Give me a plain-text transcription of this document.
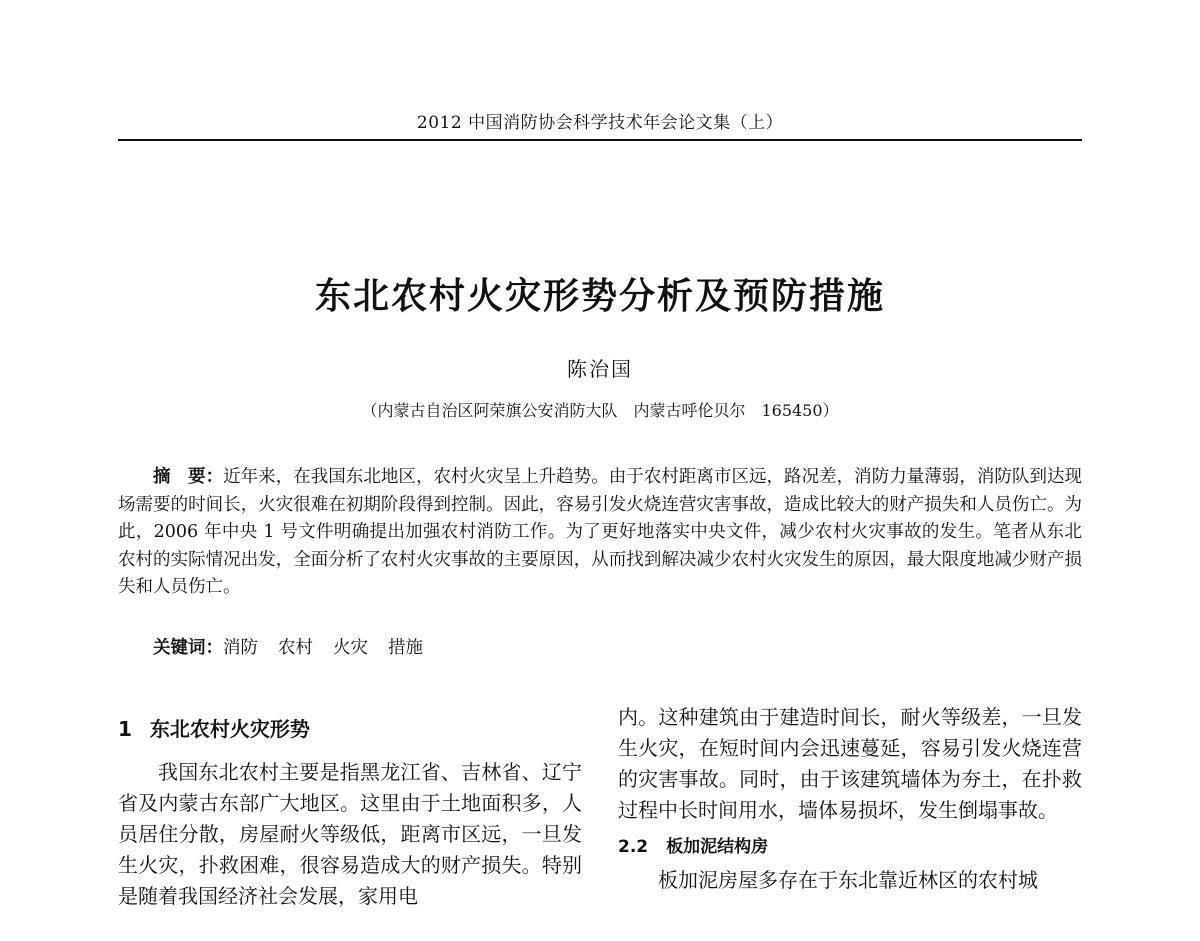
2012 中国消防协会科学技术年会论文集（上）
东北农村火灾形势分析及预防措施
陈治国
（内蒙古自治区阿荣旗公安消防大队　内蒙古呼伦贝尔　165450）
摘　要：近年来，在我国东北地区，农村火灾呈上升趋势。由于农村距离市区远，路况差，消防力量薄弱，消防队到达现场需要的时间长，火灾很难在初期阶段得到控制。因此，容易引发火烧连营灾害事故，造成比较大的财产损失和人员伤亡。为此，2006 年中央 1 号文件明确提出加强农村消防工作。为了更好地落实中央文件，减少农村火灾事故的发生。笔者从东北农村的实际情况出发，全面分析了农村火灾事故的主要原因，从而找到解决减少农村火灾发生的原因，最大限度地减少财产损失和人员伤亡。
关键词：消防 农村 火灾 措施
1 东北农村火灾形势

我国东北农村主要是指黑龙江省、吉林省、辽宁省及内蒙古东部广大地区。这里由于土地面积多，人员居住分散，房屋耐火等级低，距离市区远，一旦发生火灾，扑救困难，很容易造成大的财产损失。特别是随着我国经济社会发展，家用电

内。这种建筑由于建造时间长，耐火等级差，一旦发生火灾，在短时间内会迅速蔓延，容易引发火烧连营的灾害事故。同时，由于该建筑墙体为夯土，在扑救过程中长时间用水，墙体易损坏，发生倒塌事故。

2.2 板加泥结构房

板加泥房屋多存在于东北靠近林区的农村城
